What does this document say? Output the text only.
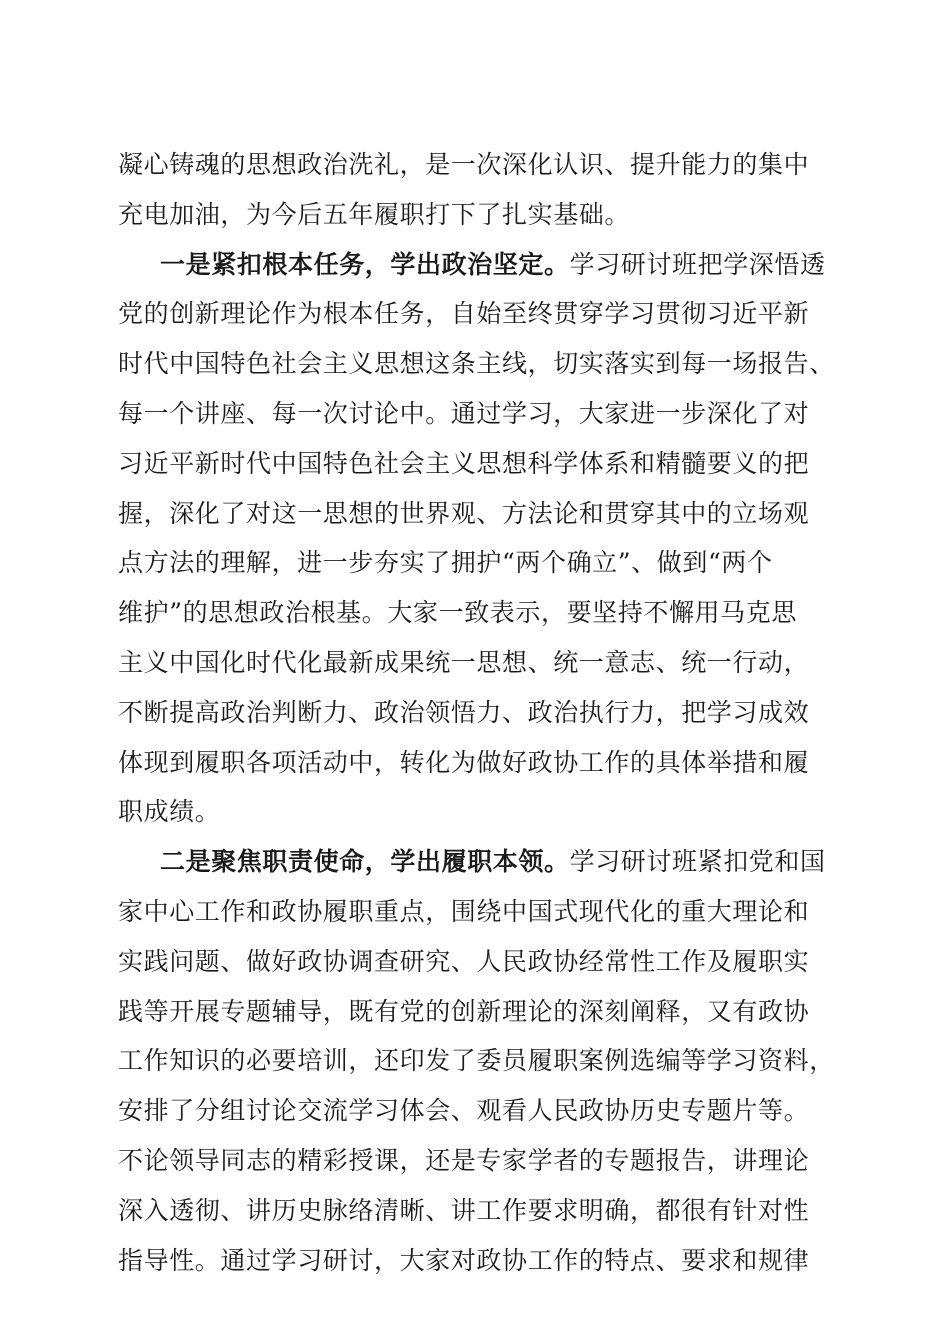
凝心铸魂的思想政治洗礼，是一次深化认识、提升能力的集中
充电加油，为今后五年履职打下了扎实基础。
一是紧扣根本任务，学出政治坚定。学习研讨班把学深悟透
党的创新理论作为根本任务，自始至终贯穿学习贯彻习近平新
时代中国特色社会主义思想这条主线，切实落实到每一场报告、
每一个讲座、每一次讨论中。通过学习，大家进一步深化了对
习近平新时代中国特色社会主义思想科学体系和精髓要义的把
握，深化了对这一思想的世界观、方法论和贯穿其中的立场观
点方法的理解，进一步夯实了拥护“两个确立”、做到“两个
维护”的思想政治根基。大家一致表示，要坚持不懈用马克思
主义中国化时代化最新成果统一思想、统一意志、统一行动，
不断提高政治判断力、政治领悟力、政治执行力，把学习成效
体现到履职各项活动中，转化为做好政协工作的具体举措和履
职成绩。
二是聚焦职责使命，学出履职本领。学习研讨班紧扣党和国
家中心工作和政协履职重点，围绕中国式现代化的重大理论和
实践问题、做好政协调查研究、人民政协经常性工作及履职实
践等开展专题辅导，既有党的创新理论的深刻阐释，又有政协
工作知识的必要培训，还印发了委员履职案例选编等学习资料，
安排了分组讨论交流学习体会、观看人民政协历史专题片等。
不论领导同志的精彩授课，还是专家学者的专题报告，讲理论
深入透彻、讲历史脉络清晰、讲工作要求明确，都很有针对性
指导性。通过学习研讨，大家对政协工作的特点、要求和规律
